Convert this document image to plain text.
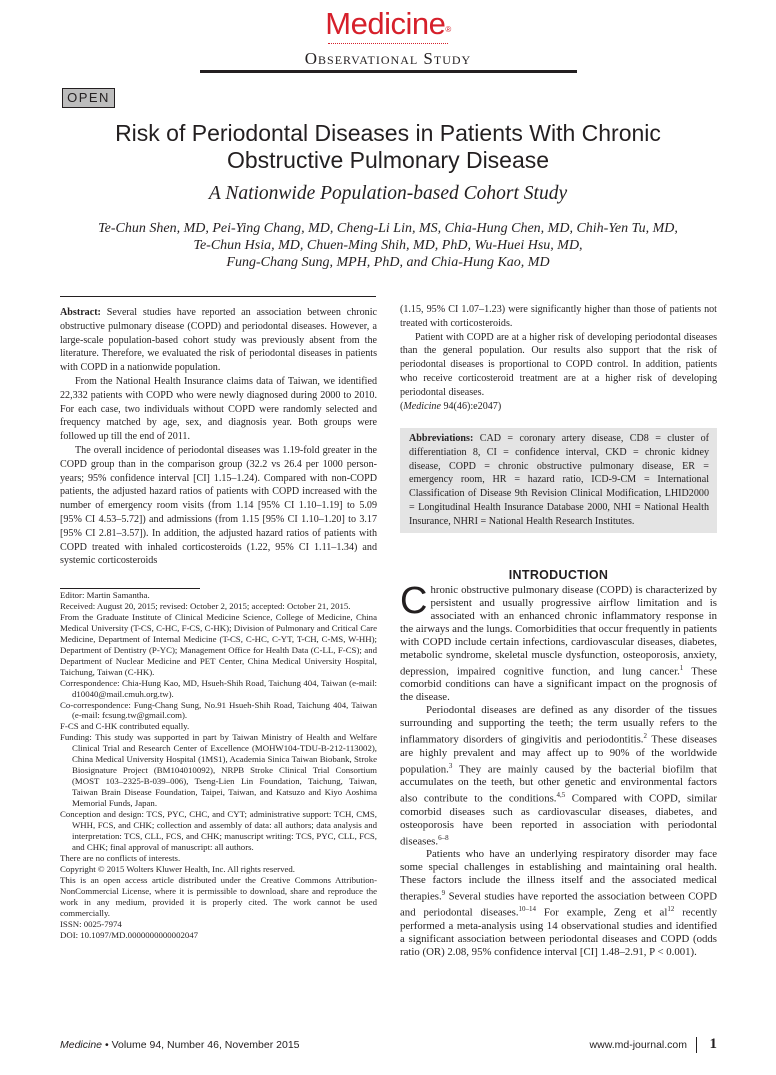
Medicine®
Observational Study
OPEN
Risk of Periodontal Diseases in Patients With Chronic Obstructive Pulmonary Disease
A Nationwide Population-based Cohort Study
Te-Chun Shen, MD, Pei-Ying Chang, MD, Cheng-Li Lin, MS, Chia-Hung Chen, MD, Chih-Yen Tu, MD,
Te-Chun Hsia, MD, Chuen-Ming Shih, MD, PhD, Wu-Huei Hsu, MD,
Fung-Chang Sung, MPH, PhD, and Chia-Hung Kao, MD

Abstract: Several studies have reported an association between chronic obstructive pulmonary disease (COPD) and periodontal diseases. However, a large-scale population-based cohort study was previously absent from the literature. Therefore, we evaluated the risk of periodontal diseases in patients with COPD in a nationwide population.

From the National Health Insurance claims data of Taiwan, we identified 22,332 patients with COPD who were newly diagnosed during 2000 to 2010. For each case, two individuals without COPD were randomly selected and frequency matched by age, sex, and diagnosis year. Both groups were followed up till the end of 2011.

The overall incidence of periodontal diseases was 1.19-fold greater in the COPD group than in the comparison group (32.2 vs 26.4 per 1000 person-years; 95% confidence interval [CI] 1.15–1.24). Compared with non-COPD patients, the adjusted hazard ratios of patients with COPD increased with the number of emergency room visits (from 1.14 [95% CI 1.10–1.19] to 5.09 [95% CI 4.53–5.72]) and admissions (from 1.15 [95% CI 1.10–1.20] to 3.17 [95% CI 2.81–3.57]). In addition, the adjusted hazard ratios of patients with COPD treated with inhaled corticosteroids (1.22, 95% CI 1.11–1.34) and systemic corticosteroids

(1.15, 95% CI 1.07–1.23) were significantly higher than those of patients not treated with corticosteroids.

Patient with COPD are at a higher risk of developing periodontal diseases than the general population. Our results also support that the risk of periodontal diseases is proportional to COPD control. In addition, patients who receive corticosteroid treatment are at a higher risk of developing periodontal diseases.

(Medicine 94(46):e2047)

Abbreviations: CAD = coronary artery disease, CD8 = cluster of differentiation 8, CI = confidence interval, CKD = chronic kidney disease, COPD = chronic obstructive pulmonary disease, ER = emergency room, HR = hazard ratio, ICD-9-CM = International Classification of Disease 9th Revision Clinical Modification, LHID2000 = Longitudinal Health Insurance Database 2000, NHI = National Health Insurance, NHRI = National Health Research Institutes.

Editor: Martin Samantha.

Received: August 20, 2015; revised: October 2, 2015; accepted: October 21, 2015.

From the Graduate Institute of Clinical Medicine Science, College of Medicine, China Medical University (T-CS, C-HC, F-CS, C-HK); Division of Pulmonary and Critical Care Medicine, Department of Internal Medicine (T-CS, C-HC, C-YT, T-CH, C-MS, W-HH); Department of Dentistry (P-YC); Management Office for Health Data (C-LL, F-CS); and Department of Nuclear Medicine and PET Center, China Medical University Hospital, Taichung, Taiwan (C-HK).

Correspondence: Chia-Hung Kao, MD, Hsueh-Shih Road, Taichung 404, Taiwan (e-mail: d10040@mail.cmuh.org.tw).

Co-correspondence: Fung-Chang Sung, No.91 Hsueh-Shih Road, Taichung 404, Taiwan (e-mail: fcsung.tw@gmail.com).

F-CS and C-HK contributed equally.

Funding: This study was supported in part by Taiwan Ministry of Health and Welfare Clinical Trial and Research Center of Excellence (MOHW104-TDU-B-212-113002), China Medical University Hospital (1MS1), Academia Sinica Taiwan Biobank, Stroke Biosignature Project (BM104010092), NRPB Stroke Clinical Trial Consortium (MOST 103–2325-B-039–006), Tseng-Lien Lin Foundation, Taichung, Taiwan, Taiwan Brain Disease Foundation, Taipei, Taiwan, and Katsuzo and Kiyo Aoshima Memorial Funds, Japan.

Conception and design: TCS, PYC, CHC, and CYT; administrative support: TCH, CMS, WHH, FCS, and CHK; collection and assembly of data: all authors; data analysis and interpretation: TCS, CLL, FCS, and CHK; manuscript writing: TCS, PYC, CLL, FCS, and CHK; final approval of manuscript: all authors.

There are no conflicts of interests.

Copyright © 2015 Wolters Kluwer Health, Inc. All rights reserved.

This is an open access article distributed under the Creative Commons Attribution- NonCommercial License, where it is permissible to download, share and reproduce the work in any medium, provided it is properly cited. The work cannot be used commercially.

ISSN: 0025-7974

DOI: 10.1097/MD.0000000000002047

INTRODUCTION

Chronic obstructive pulmonary disease (COPD) is characterized by persistent and usually progressive airflow limitation and is associated with an enhanced chronic inflammatory response in the airways and the lungs. Comorbidities that occur frequently in patients with COPD include certain infections, cardiovascular diseases, diabetes, metabolic syndrome, skeletal muscle dysfunction, osteoporosis, anxiety, depression, impaired cognitive function, and lung cancer.$^1$ These comorbid conditions can have a significant impact on the prognosis of the disease.

Periodontal diseases are defined as any disorder of the tissues surrounding and supporting the teeth; the term usually refers to the inflammatory disorders of gingivitis and periodontitis.$^2$ These diseases are highly prevalent and may affect up to 90% of the worldwide population.$^3$ They are mainly caused by the bacterial biofilm that accumulates on the teeth, but other genetic and environmental factors also contribute to the conditions.$^{4,5}$ Compared with COPD, similar comorbid diseases such as cardiovascular diseases, diabetes, and osteoporosis have been reported in association with periodontal diseases.$^{6-8}$

Patients who have an underlying respiratory disorder may face some special challenges in establishing and maintaining oral health. These factors include the illness itself and the associated medical therapies.$^9$ Several studies have reported the association between COPD and periodontal diseases.$^{10-14}$ For example, Zeng et al$^{12}$ recently performed a meta-analysis using 14 observational studies and identified a significant association between periodontal diseases and COPD (odds ratio (OR) 2.08, 95% confidence interval [CI] 1.48–2.91, P < 0.001).

Medicine • Volume 94, Number 46, November 2015	www.md-journal.com 1
